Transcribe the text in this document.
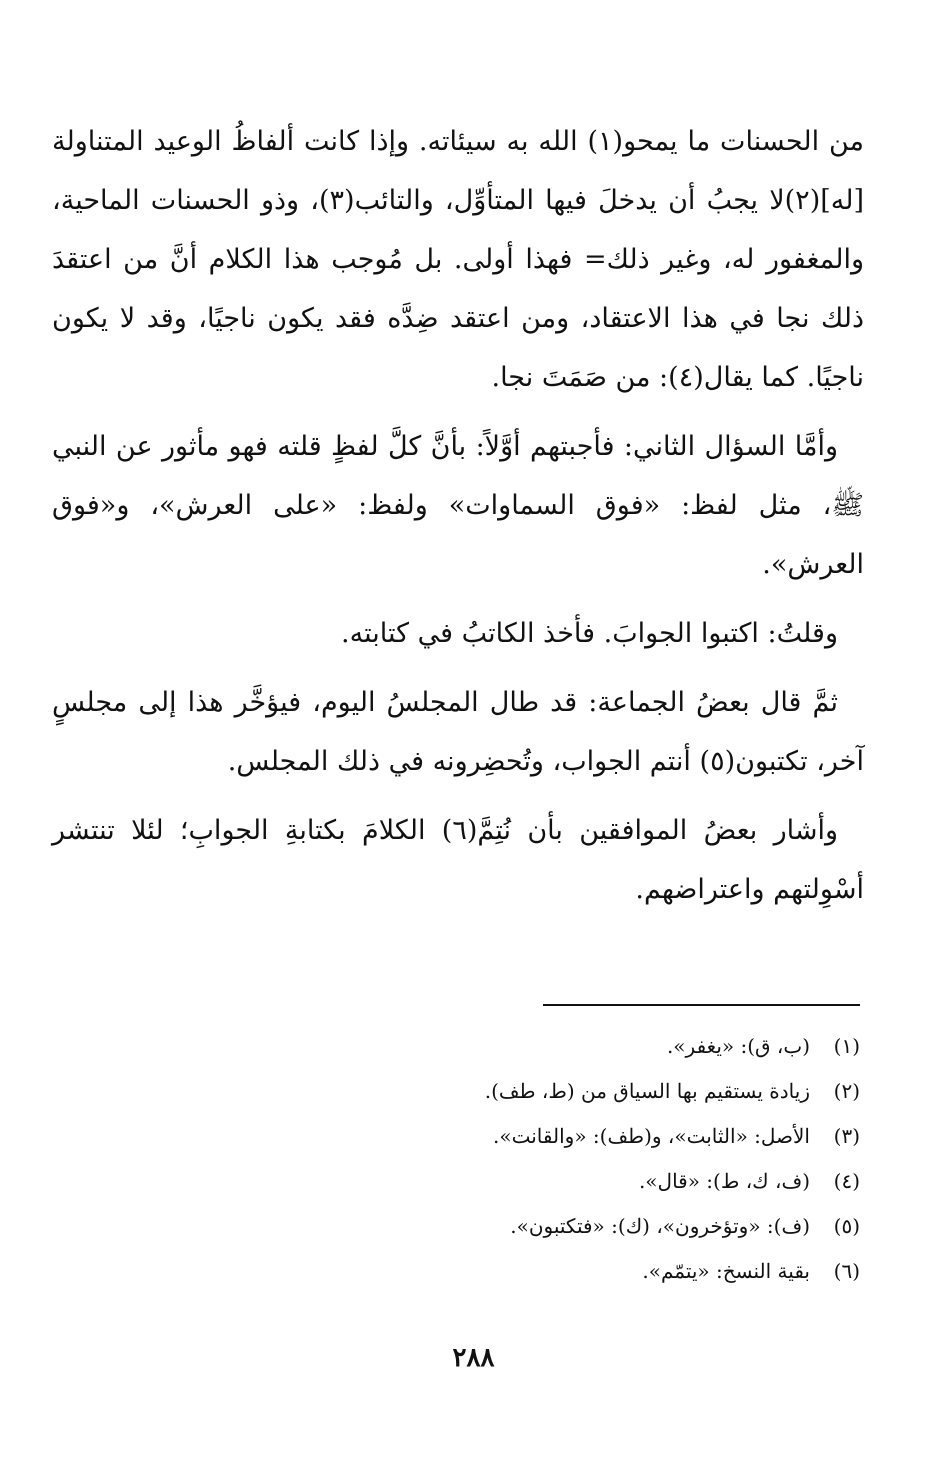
من الحسنات ما يمحو(١) الله به سيئاته. وإذا كانت ألفاظُ الوعيد المتناولة [له](٢)لا يجبُ أن يدخلَ فيها المتأوِّل، والتائب(٣)، وذو الحسنات الماحية، والمغفور له، وغير ذلك= فهذا أولى. بل مُوجب هذا الكلام أنَّ من اعتقدَ ذلك نجا في هذا الاعتقاد، ومن اعتقد ضِدَّه فقد يكون ناجيًا، وقد لا يكون ناجيًا. كما يقال(٤): من صَمَتَ نجا.

وأمَّا السؤال الثاني: فأجبتهم أوَّلاً: بأنَّ كلَّ لفظٍ قلته فهو مأثور عن النبي ﷺ، مثل لفظ: «فوق السماوات» ولفظ: «على العرش»، و«فوق العرش».

وقلتُ: اكتبوا الجوابَ. فأخذ الكاتبُ في كتابته.

ثمَّ قال بعضُ الجماعة: قد طال المجلسُ اليوم، فيؤخَّر هذا إلى مجلسٍ آخر، تكتبون(٥) أنتم الجواب، وتُحضِرونه في ذلك المجلس.

وأشار بعضُ الموافقين بأن نُتِمَّ(٦) الكلامَ بكتابةِ الجوابِ؛ لئلا تنتشر أسْوِلتهم واعتراضهم.

(١)(ب، ق): «يغفر».
(٢)زيادة يستقيم بها السياق من (ط، طف).
(٣)الأصل: «الثابت»، و(طف): «والقانت».
(٤)(ف، ك، ط): «قال».
(٥)(ف): «وتؤخرون»، (ك): «فتكتبون».
(٦)بقية النسخ: «يتمّم».
٢٨٨
